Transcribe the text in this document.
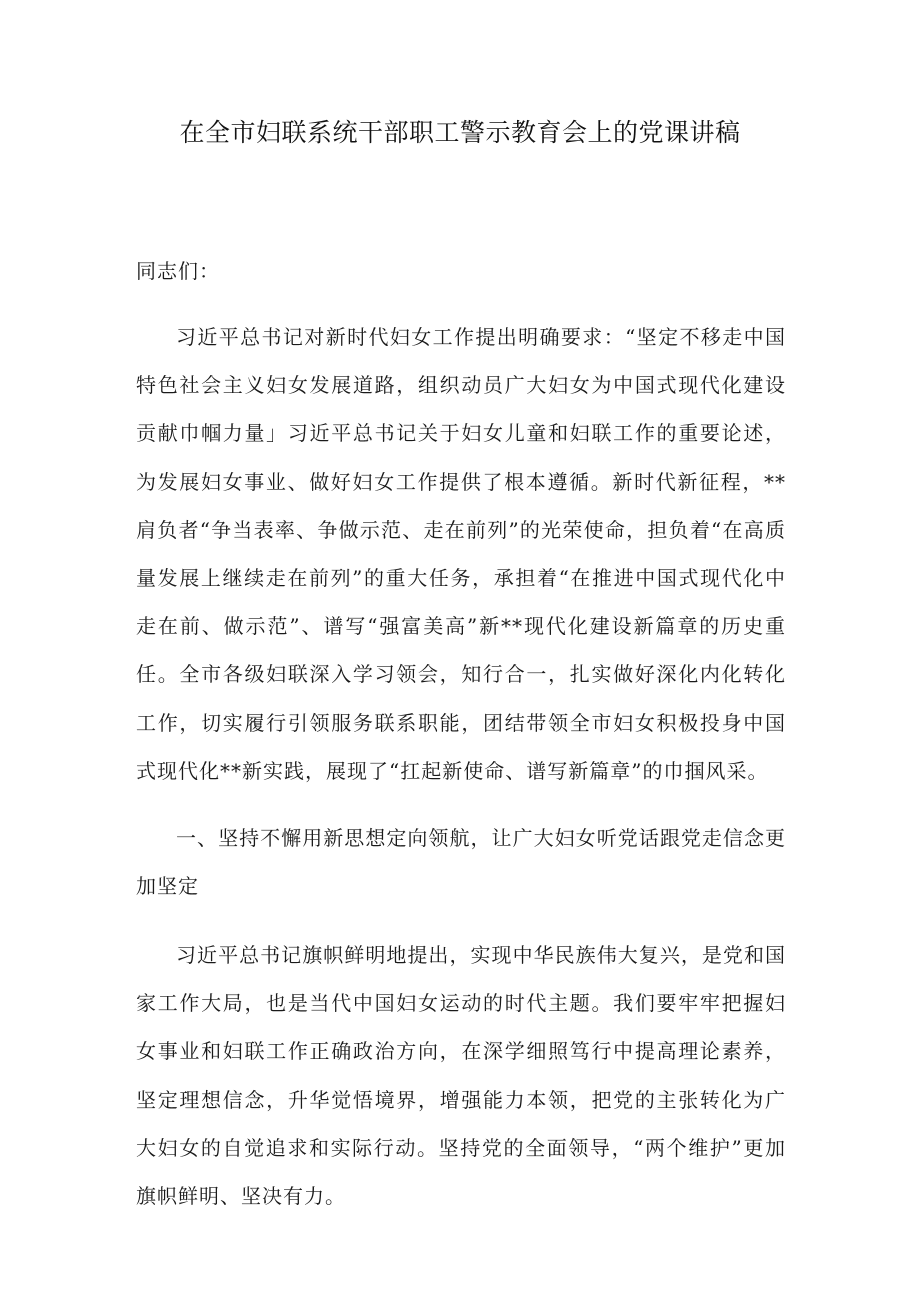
在全市妇联系统干部职工警示教育会上的党课讲稿

同志们：

习近平总书记对新时代妇女工作提出明确要求：“坚定不移走中国特色社会主义妇女发展道路，组织动员广大妇女为中国式现代化建设贡献巾帼力量」习近平总书记关于妇女儿童和妇联工作的重要论述，为发展妇女事业、做好妇女工作提供了根本遵循。新时代新征程，**肩负者“争当表率、争做示范、走在前列”的光荣使命，担负着“在高质量发展上继续走在前列”的重大任务，承担着“在推进中国式现代化中走在前、做示范”、谱写“强富美高”新**现代化建设新篇章的历史重任。全市各级妇联深入学习领会，知行合一，扎实做好深化内化转化工作，切实履行引领服务联系职能，团结带领全市妇女积极投身中国式现代化**新实践，展现了“扛起新使命、谱写新篇章”的巾掴风采。

一、坚持不懈用新思想定向领航，让广大妇女听党话跟党走信念更加坚定

习近平总书记旗帜鲜明地提出，实现中华民族伟大复兴，是党和国家工作大局，也是当代中国妇女运动的时代主题。我们要牢牢把握妇女事业和妇联工作正确政治方向，在深学细照笃行中提高理论素养，坚定理想信念，升华觉悟境界，增强能力本领，把党的主张转化为广大妇女的自觉追求和实际行动。坚持党的全面领导，“两个维护”更加旗帜鲜明、坚决有力。
